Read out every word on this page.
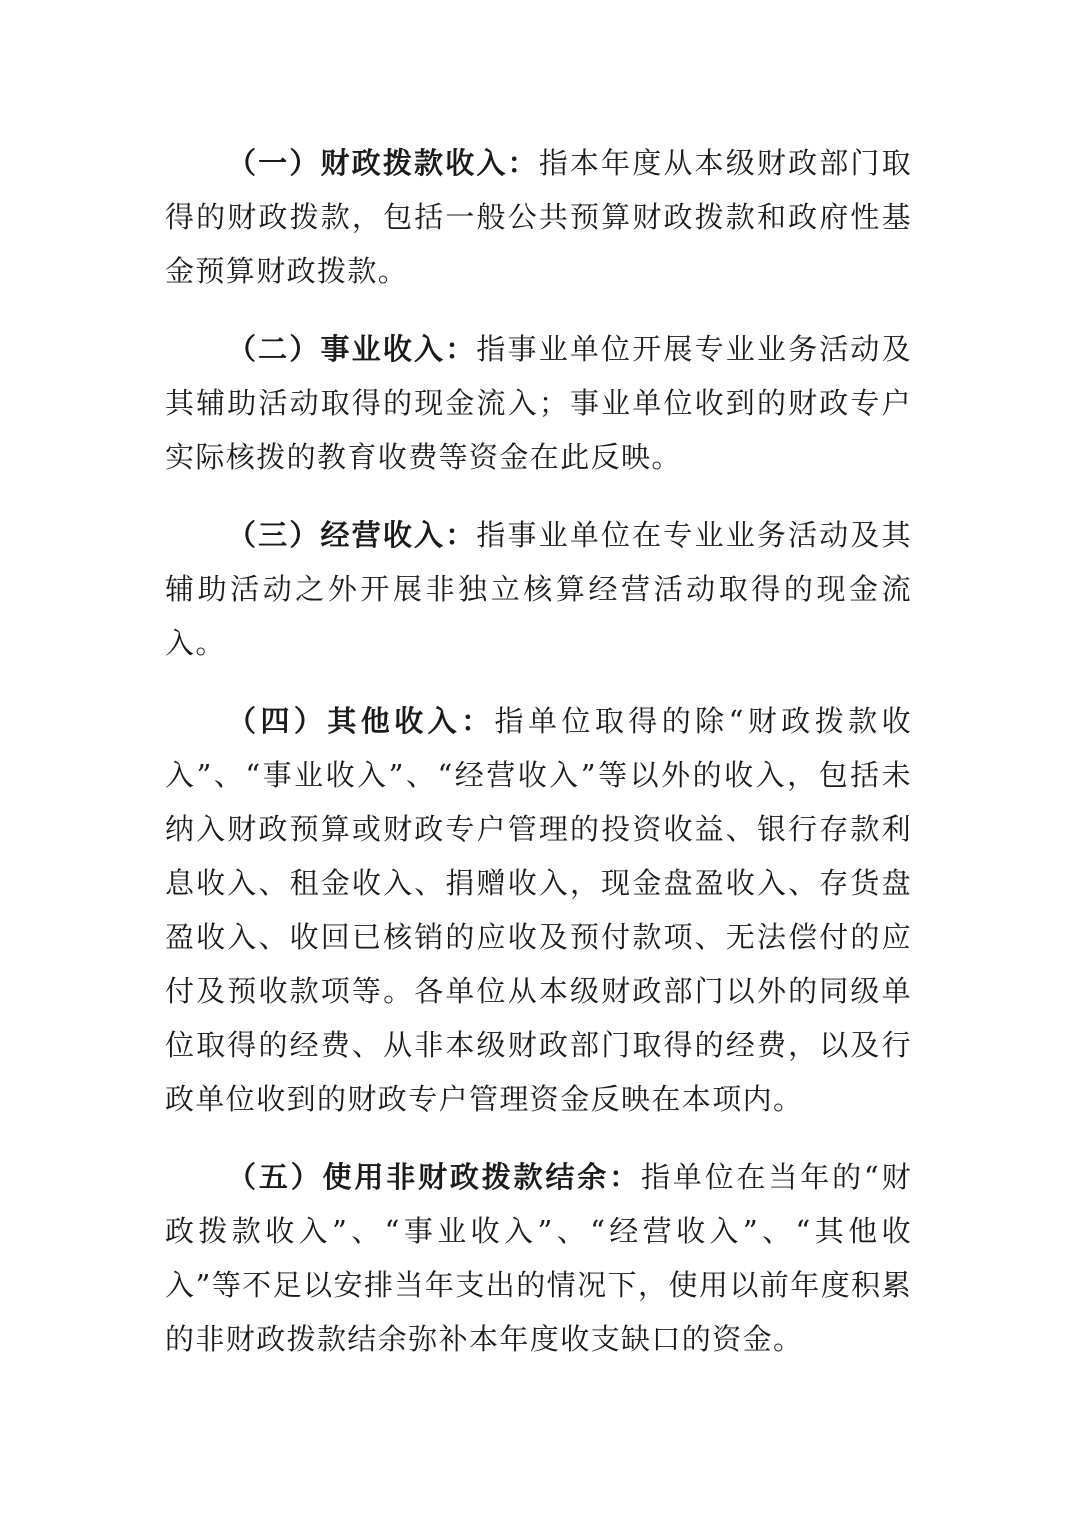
（一）财政拨款收入：指本年度从本级财政部门取得的财政拨款，包括一般公共预算财政拨款和政府性基金预算财政拨款。

（二）事业收入：指事业单位开展专业业务活动及其辅助活动取得的现金流入；事业单位收到的财政专户实际核拨的教育收费等资金在此反映。

（三）经营收入：指事业单位在专业业务活动及其辅助活动之外开展非独立核算经营活动取得的现金流入。

（四）其他收入：指单位取得的除“财政拨款收入”、“事业收入”、“经营收入”等以外的收入，包括未纳入财政预算或财政专户管理的投资收益、银行存款利息收入、租金收入、捐赠收入，现金盘盈收入、存货盘盈收入、收回已核销的应收及预付款项、无法偿付的应付及预收款项等。各单位从本级财政部门以外的同级单位取得的经费、从非本级财政部门取得的经费，以及行政单位收到的财政专户管理资金反映在本项内。

（五）使用非财政拨款结余：指单位在当年的“财政拨款收入”、“事业收入”、“经营收入”、“其他收入”等不足以安排当年支出的情况下，使用以前年度积累的非财政拨款结余弥补本年度收支缺口的资金。
